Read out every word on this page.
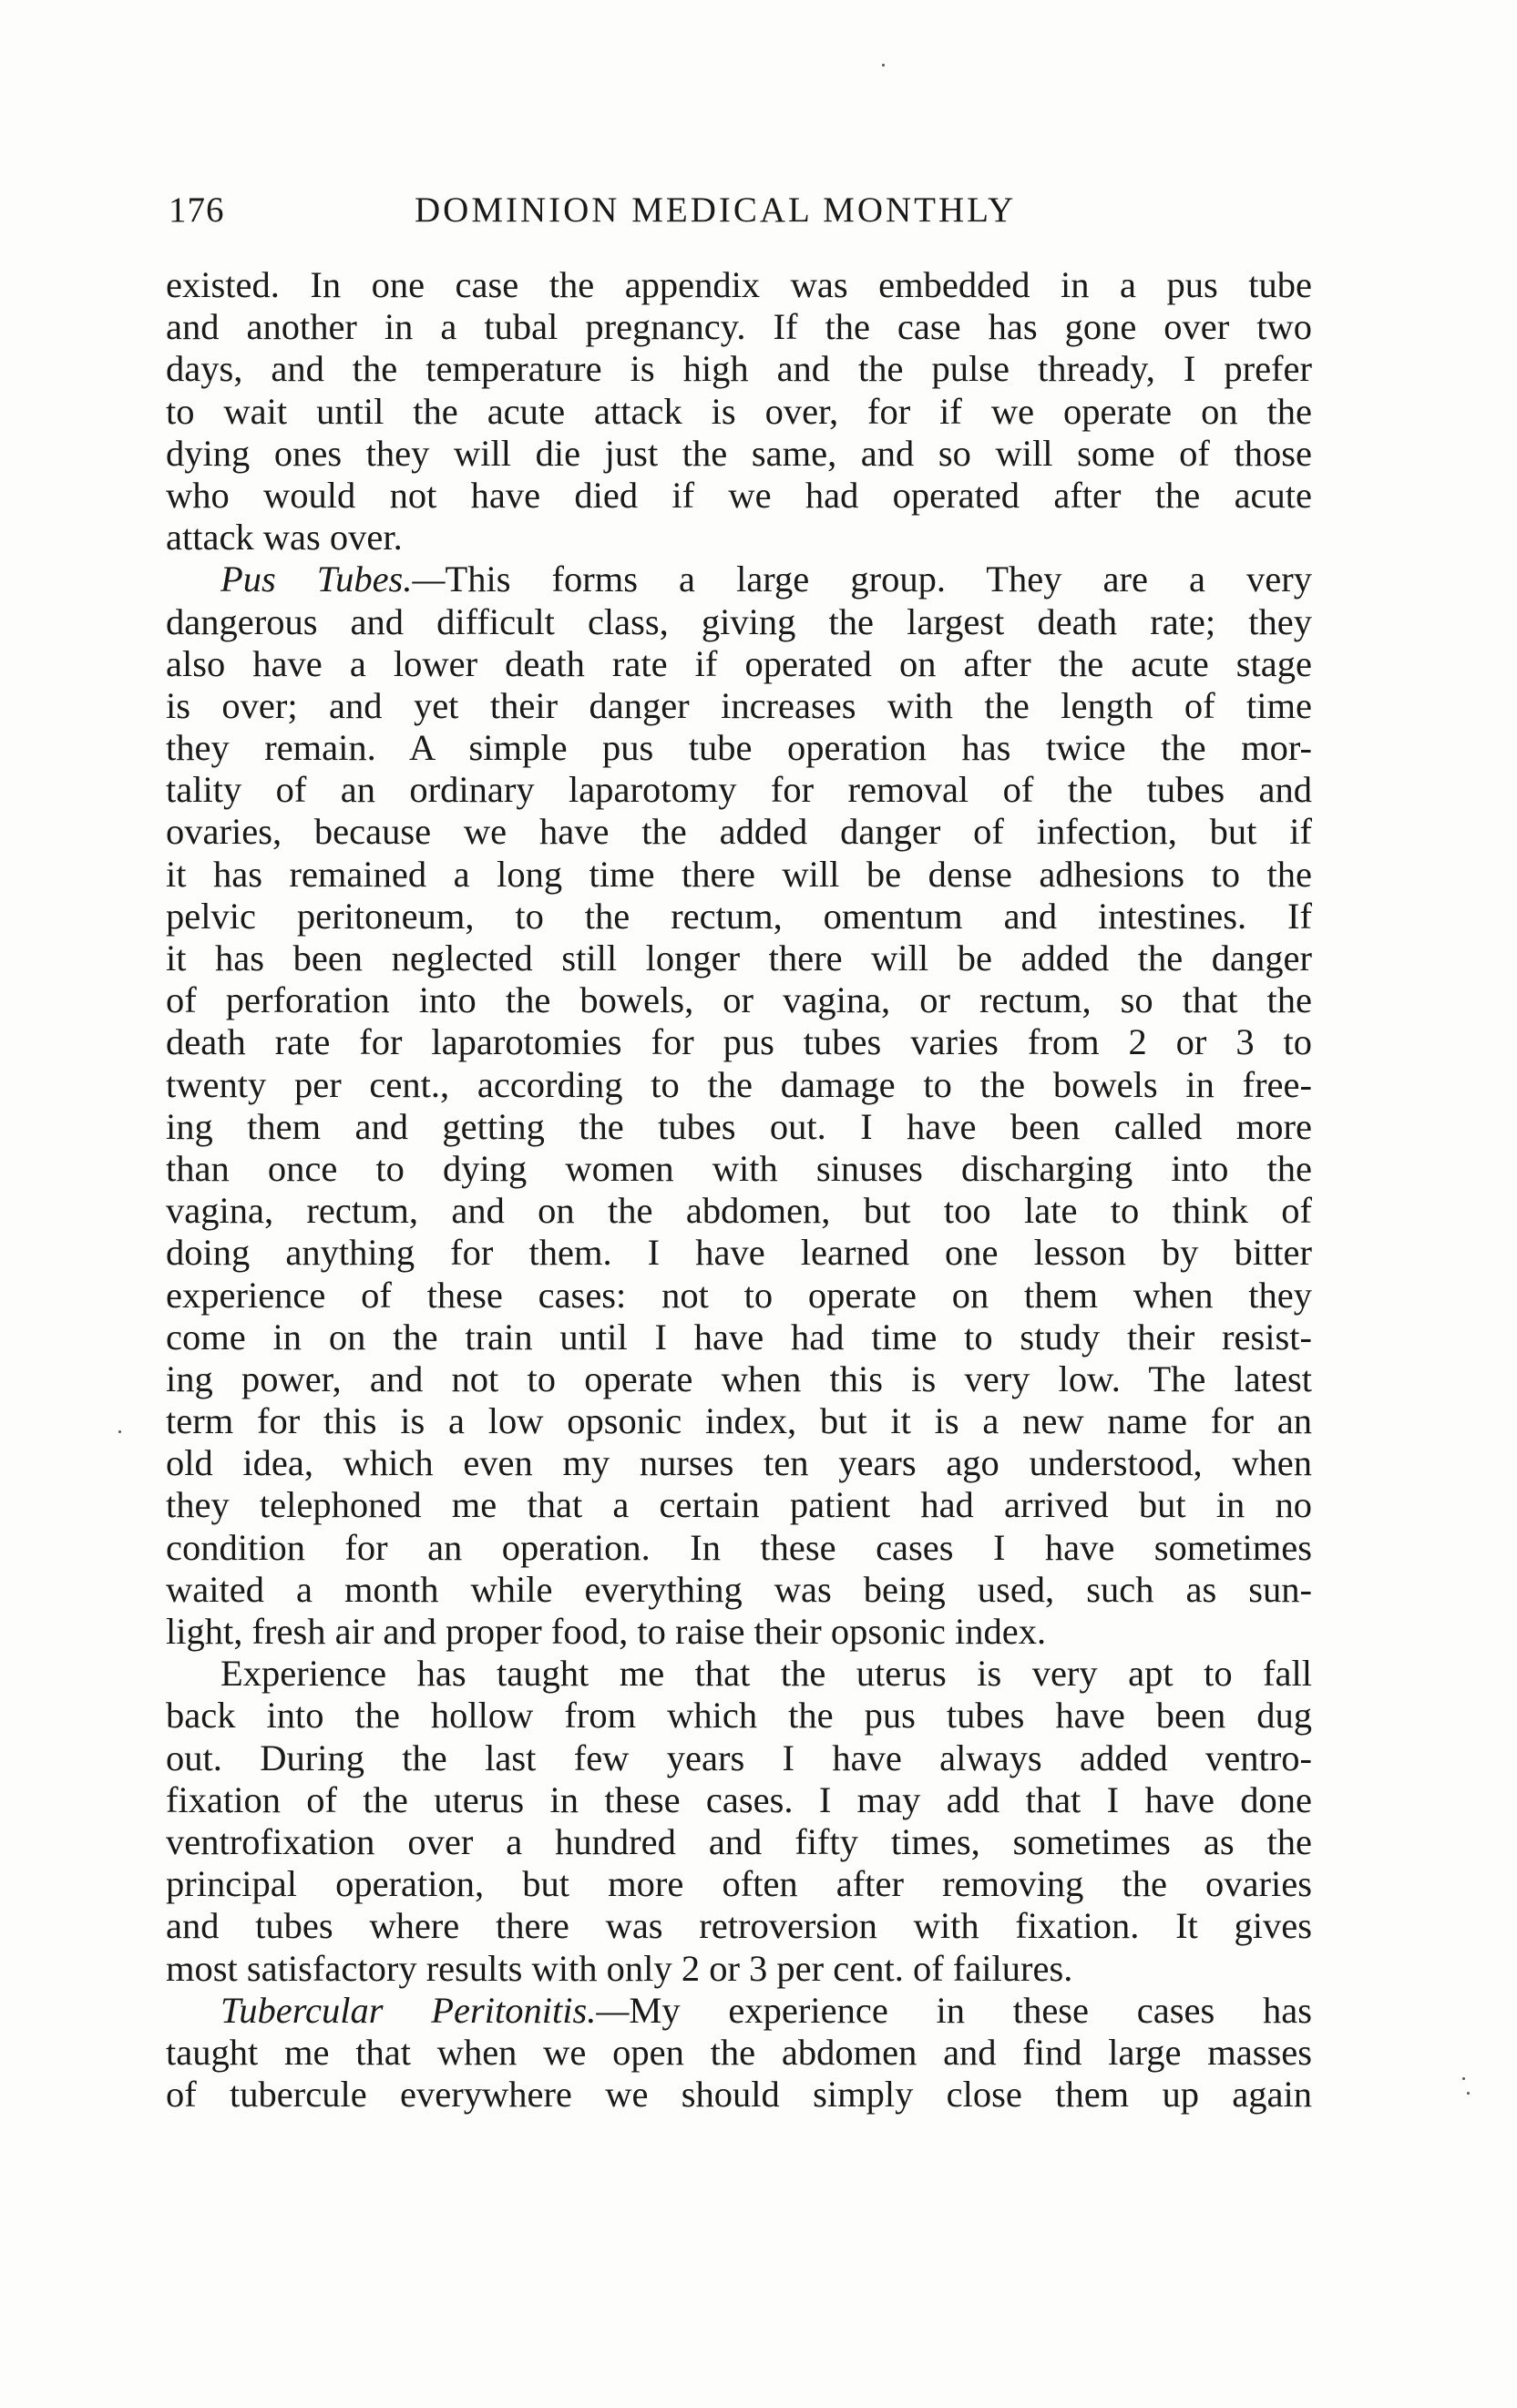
176	DOMINION MEDICAL MONTHLY
existed. In one case the appendix was embedded in a pus tube
and another in a tubal pregnancy. If the case has gone over two
days, and the temperature is high and the pulse thready, I prefer
to wait until the acute attack is over, for if we operate on the
dying ones they will die just the same, and so will some of those
who would not have died if we had operated after the acute
attack was over.
Pus Tubes.—This forms a large group. They are a very
dangerous and difficult class, giving the largest death rate; they
also have a lower death rate if operated on after the acute stage
is over; and yet their danger increases with the length of time
they remain. A simple pus tube operation has twice the mor-
tality of an ordinary laparotomy for removal of the tubes and
ovaries, because we have the added danger of infection, but if
it has remained a long time there will be dense adhesions to the
pelvic peritoneum, to the rectum, omentum and intestines. If
it has been neglected still longer there will be added the danger
of perforation into the bowels, or vagina, or rectum, so that the
death rate for laparotomies for pus tubes varies from 2 or 3 to
twenty per cent., according to the damage to the bowels in free-
ing them and getting the tubes out. I have been called more
than once to dying women with sinuses discharging into the
vagina, rectum, and on the abdomen, but too late to think of
doing anything for them. I have learned one lesson by bitter
experience of these cases: not to operate on them when they
come in on the train until I have had time to study their resist-
ing power, and not to operate when this is very low. The latest
term for this is a low opsonic index, but it is a new name for an
old idea, which even my nurses ten years ago understood, when
they telephoned me that a certain patient had arrived but in no
condition for an operation. In these cases I have sometimes
waited a month while everything was being used, such as sun-
light, fresh air and proper food, to raise their opsonic index.
Experience has taught me that the uterus is very apt to fall
back into the hollow from which the pus tubes have been dug
out. During the last few years I have always added ventro-
fixation of the uterus in these cases. I may add that I have done
ventrofixation over a hundred and fifty times, sometimes as the
principal operation, but more often after removing the ovaries
and tubes where there was retroversion with fixation. It gives
most satisfactory results with only 2 or 3 per cent. of failures.
Tubercular Peritonitis.—My experience in these cases has
taught me that when we open the abdomen and find large masses
of tubercule everywhere we should simply close them up again
